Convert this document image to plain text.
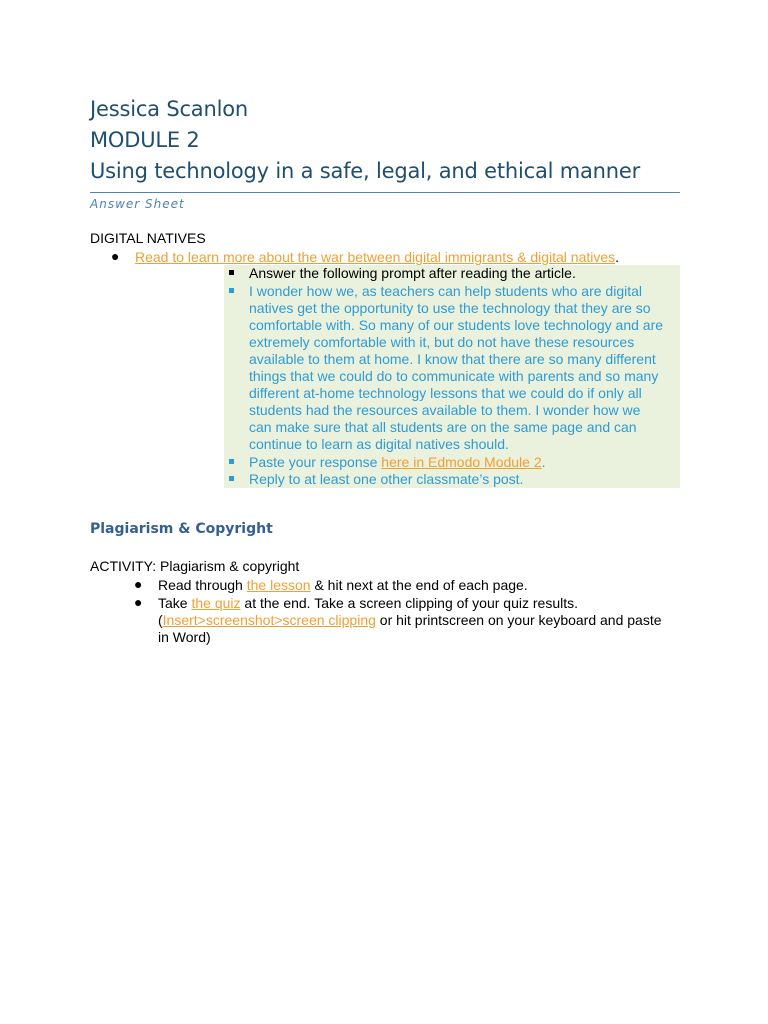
Jessica Scanlon
MODULE 2
Using technology in a safe, legal, and ethical manner
Answer Sheet
DIGITAL NATIVES
● Read to learn more about the war between digital immigrants & digital natives.
Answer the following prompt after reading the article.
I wonder how we, as teachers can help students who are digital
natives get the opportunity to use the technology that they are so
comfortable with. So many of our students love technology and are
extremely comfortable with it, but do not have these resources
available to them at home. I know that there are so many different
things that we could do to communicate with parents and so many
different at-home technology lessons that we could do if only all
students had the resources available to them. I wonder how we
can make sure that all students are on the same page and can
continue to learn as digital natives should.
Paste your response here in Edmodo Module 2.
Reply to at least one other classmate’s post.
Plagiarism & Copyright
ACTIVITY: Plagiarism & copyright
● Read through the lesson & hit next at the end of each page.
● Take the quiz at the end. Take a screen clipping of your quiz results.
(Insert>screenshot>screen clipping or hit printscreen on your keyboard and paste
in Word)
